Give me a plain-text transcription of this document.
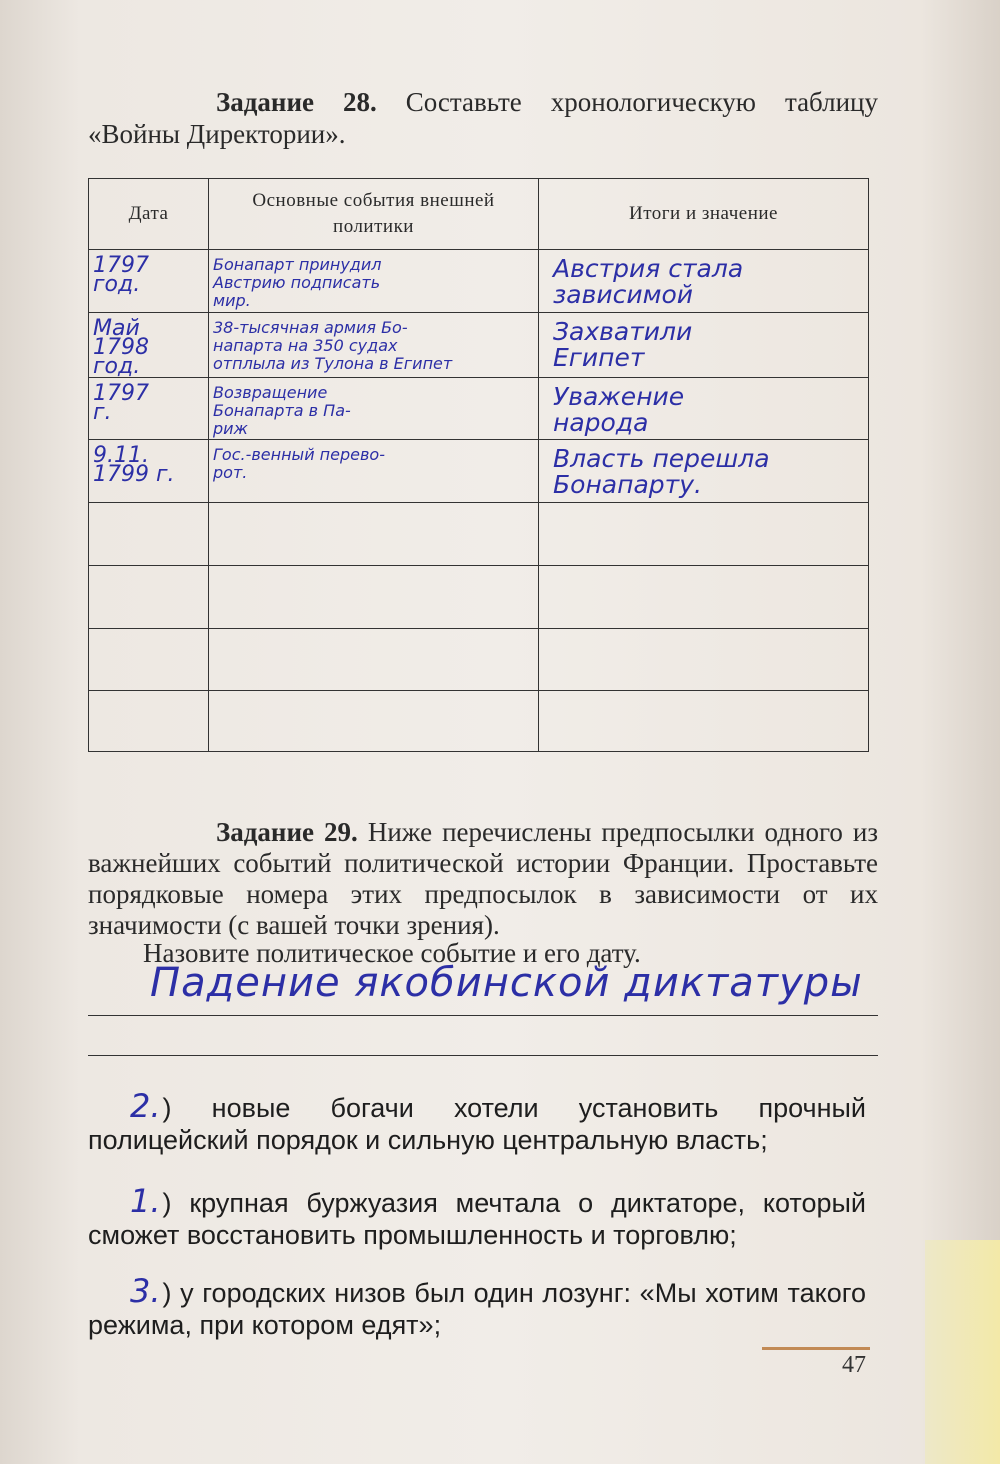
Задание 28. Составьте хронологическую таблицу «Войны Директории».
Дата	Основные события внешней политики	Итоги и значение

1797
год.	Бонапарт принудил
Австрию подписать
мир.	Австрия стала
зависимой

Май
1798
год.	38-тысячная армия Бо-
напарта на 350 судах
отплыла из Тулона в Египет	Захватили
Египет

1797
г.	Возвращение
Бонапарта в Па-
риж	Уважение
народа

9.11.
1799 г.	Гос.-венный перево-
рот.	Власть перешла
Бонапарту.

Задание 29. Ниже перечислены предпосылки одного из важнейших событий политической истории Франции. Проставьте порядковые номера этих предпосылок в зависимости от их значимости (с вашей точки зрения).
Назовите политическое событие и его дату.
Падение якобинской диктатуры
2.) новые богачи хотели установить прочный полицейский порядок и сильную центральную власть;
1.) крупная буржуазия мечтала о диктаторе, который сможет восстановить промышленность и торговлю;
3.) у городских низов был один лозунг: «Мы хотим такого режима, при котором едят»;
47
